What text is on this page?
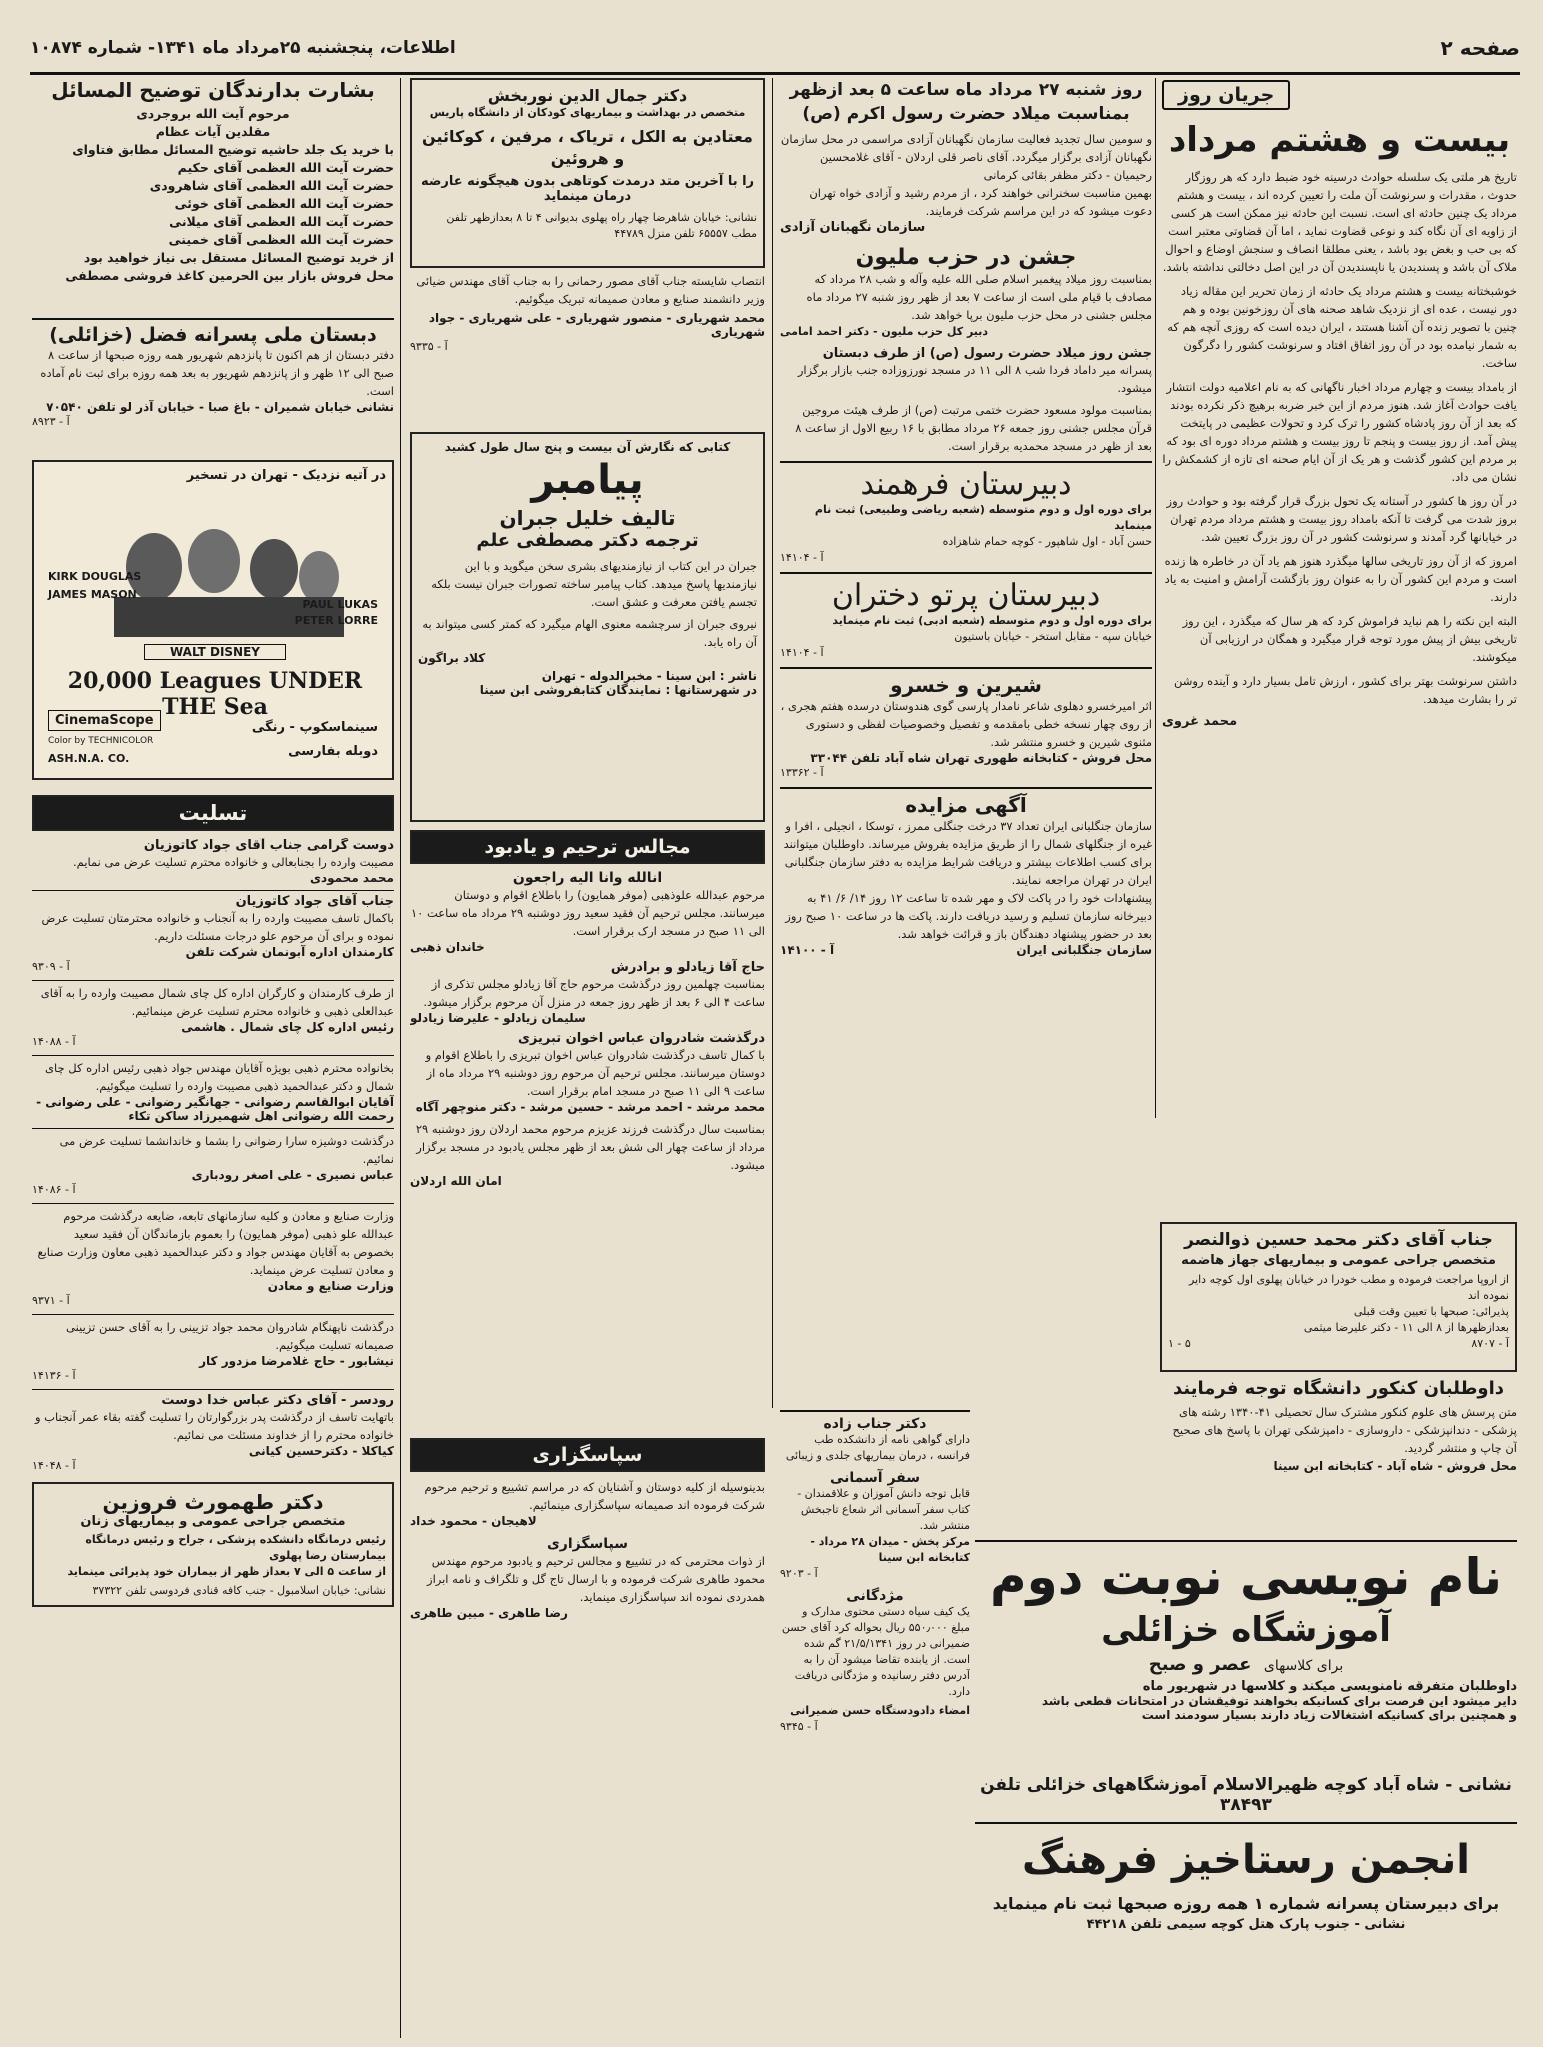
اطلاعات، پنجشنبه ۲۵مرداد ماه ۱۳۴۱- شماره ۱۰۸۷۴	صفحه ۲
جریان روز
بیست و هشتم مرداد

تاریخ هر ملتی یک سلسله حوادث درسینه خود ضبط دارد که هر روزگار حدوث ، مقدرات و سرنوشت آن ملت را تعیین کرده اند ، بیست و هشتم مرداد یک چنین حادثه ای است. نسبت این حادثه نیز ممکن است هر کسی از زاویه ای آن نگاه کند و نوعی قضاوت نماید ، اما آن قضاوتی معتبر است که بی حب و بغض بود باشد ، یعنی مطلقا انصاف و سنجش اوضاع و احوال ملاک آن باشد و پسندیدن یا ناپسندیدن آن در این اصل دخالتی نداشته باشد.

خوشبختانه بیست و هشتم مرداد یک حادثه از زمان تحریر این مقاله زیاد دور نیست ، عده ای از نزدیک شاهد صحنه های آن روزخونین بوده و هم چنین با تصویر زنده آن آشنا هستند ، ایران دیده است که روزی آنچه هم که به شمار نیامده بود در آن روز اتفاق افتاد و سرنوشت کشور را دگرگون ساخت.

از بامداد بیست و چهارم مرداد اخبار ناگهانی که به نام اعلامیه دولت انتشار یافت حوادث آغاز شد. هنوز مردم از این خبر ضربه برهیچ ذکر نکرده بودند که بعد از آن روز پادشاه کشور را ترک کرد و تحولات عظیمی در پایتخت پیش آمد. از روز بیست و پنجم تا روز بیست و هشتم مرداد دوره ای بود که بر مردم این کشور گذشت و هر یک از آن ایام صحنه ای تازه از کشمکش را نشان می داد.

در آن روز ها کشور در آستانه یک تحول بزرگ قرار گرفته بود و حوادث روز بروز شدت می گرفت تا آنکه بامداد روز بیست و هشتم مرداد مردم تهران در خیابانها گرد آمدند و سرنوشت کشور در آن روز بزرگ تعیین شد.

امروز که از آن روز تاریخی سالها میگذرد هنوز هم یاد آن در خاطره ها زنده است و مردم این کشور آن را به عنوان روز بازگشت آرامش و امنیت به یاد دارند.

البته این نکته را هم نباید فراموش کرد که هر سال که میگذرد ، این روز تاریخی بیش از پیش مورد توجه قرار میگیرد و همگان در ارزیابی آن میکوشند.

داشتن سرنوشت بهتر برای کشور ، ارزش تامل بسیار دارد و آینده روشن تر را بشارت میدهد.

محمد غروی
جناب آقای دکتر محمد حسین ذوالنصر
متخصص جراحی عمومی و بیماریهای جهاز هاضمه
از اروپا مراجعت فرموده و مطب خودرا در خیابان پهلوی اول کوچه دایر نموده اند
پذیرائی: صبحها با تعیین وقت قبلی
بعدازظهرها از ۸ الی ۱۱ - دکتر علیرضا میثمی
آ - ۸۷۰۷
۵ - ۱
داوطلبان کنکور دانشگاه توجه فرمایند

متن پرسش های علوم کنکور مشترک سال تحصیلی ۴۱-۱۳۴۰ رشته های پزشکی - دندانپزشکی - داروسازی - دامپزشکی تهران با پاسخ های صحیح آن چاپ و منتشر گردید.

محل فروش - شاه آباد - کتابخانه ابن سینا
روز شنبه ۲۷ مرداد ماه ساعت ۵ بعد ازظهر بمناسبت میلاد حضرت رسول اکرم (ص)

و سومین سال تجدید فعالیت سازمان نگهبانان آزادی مراسمی در محل سازمان نگهبانان آزادی برگزار میگردد. آقای ناصر قلی اردلان - آقای غلامحسین رحیمیان - دکتر مظفر بقائی کرمانی

بهمین مناسبت سخنرانی خواهند کرد ، از مردم رشید و آزادی خواه تهران دعوت میشود که در این مراسم شرکت فرمایند.

سازمان نگهبانان آزادی
جشن در حزب ملیون

بمناسبت روز میلاد پیغمبر اسلام صلی الله علیه وآله و شب ۲۸ مرداد که مصادف با قیام ملی است از ساعت ۷ بعد از ظهر روز شنبه ۲۷ مرداد ماه مجلس جشنی در محل حزب ملیون برپا خواهد شد.

دبیر کل حزب ملیون - دکتر احمد امامی
جشن روز میلاد حضرت رسول (ص) از طرف دبستان

پسرانه میر داماد فردا شب ۸ الی ۱۱ در مسجد نورزوزاده جنب بازار برگزار میشود.

بمناسبت مولود مسعود حضرت ختمی مرتبت (ص) از طرف هیئت مروجین قرآن مجلس جشنی روز جمعه ۲۶ مرداد مطابق با ۱۶ ربیع الاول از ساعت ۸ بعد از ظهر در مسجد محمدیه برقرار است.

دبیرستان فرهمند
برای دوره اول و دوم متوسطه (شعبه ریاضی وطبیعی) ثبت نام مینماید
حسن آباد - اول شاهپور - کوچه حمام شاهزاده
آ - ۱۴۱۰۴
دبیرستان پرتو دختران
برای دوره اول و دوم متوسطه (شعبه ادبی) ثبت نام مینماید
خیابان سپه - مقابل استخر - خیابان باستیون
آ - ۱۴۱۰۴
شیرین و خسرو

اثر امیرخسرو دهلوی شاعر نامدار پارسی گوی هندوستان درسده هفتم هجری ، از روی چهار نسخه خطی بامقدمه و تفصیل وخصوصیات لفظی و دستوری مثنوی شیرین و خسرو منتشر شد.

محل فروش - کتابخانه طهوری تهران شاه آباد تلفن ۳۳۰۴۴
آ - ۱۳۳۶۲
آگهی مزایده

سازمان جنگلبانی ایران تعداد ۳۷ درخت جنگلی ممرز ، توسکا ، انجیلی ، افرا و غیره از جنگلهای شمال را از طریق مزایده بفروش میرساند. داوطلبان میتوانند برای کسب اطلاعات بیشتر و دریافت شرایط مزایده به دفتر سازمان جنگلبانی ایران در تهران مراجعه نمایند.

پیشنهادات خود را در پاکت لاک و مهر شده تا ساعت ۱۲ روز ۱۴/ ۶/ ۴۱ به دبیرخانه سازمان تسلیم و رسید دریافت دارند. پاکت ها در ساعت ۱۰ صبح روز بعد در حضور پیشنهاد دهندگان باز و قرائت خواهد شد.

سازمان جنگلبانی ایران
آ - ۱۴۱۰۰
دکتر جناب زاده
دارای گواهی نامه از دانشکده طب فرانسه ، درمان بیماریهای جلدی و زیبائی
سفر آسمانی
قابل توجه دانش آموزان و علاقمندان - کتاب سفر آسمانی اثر شعاع تاجبخش منتشر شد.
مرکز پخش - میدان ۲۸ مرداد - کتابخانه ابن سینا
آ - ۹۲۰۳
مژدگانی
یک کیف سیاه دستی محتوی مدارک و مبلغ ۵۵۰٫۰۰۰ ریال بحواله کرد آقای حسن ضمیرانی در روز ۲۱/۵/۱۳۴۱ گم شده است. از یابنده تقاضا میشود آن را به آدرس دفتر رسانیده و مژدگانی دریافت دارد.
امضاء دادودستگاه حسن ضمیرانی
آ - ۹۳۴۵
نام نویسی نوبت دوم
آموزشگاه خزائلی
برای کلاسهای عصر و صبح
داوطلبان متفرقه نامنویسی میکند و کلاسها در شهریور ماه
دایر میشود این فرصت برای کسانیکه بخواهند توفیقشان در امتحانات قطعی باشد
و همچنین برای کسانیکه اشتغالات زیاد دارند بسیار سودمند است
نشانی - شاه آباد کوچه ظهیرالاسلام آموزشگاههای خزائلی تلفن ۳۸۴۹۳
انجمن رستاخیز فرهنگ
برای دبیرستان پسرانه شماره ۱ همه روزه صبحها ثبت نام مینماید
نشانی - جنوب پارک هتل کوچه سیمی تلفن ۴۴۲۱۸
دکتر جمال الدین نوربخش
متخصص در بهداشت و بیماریهای کودکان از دانشگاه پاریس
معتادین به الکل ، تریاک ، مرفین ، کوکائین و هروئین
را با آخرین متد درمدت کوتاهی بدون هیچگونه عارضه درمان مینماید
نشانی: خیابان شاهرضا چهار راه پهلوی بدیوانی ۴ تا ۸ بعدازظهر تلفن مطب ۶۵۵۵۷ تلفن منزل ۴۴۷۸۹

انتصاب شایسته جناب آقای مصور رحمانی را به جناب آقای مهندس ضیائی وزیر دانشمند صنایع و معادن صمیمانه تبریک میگوئیم.

محمد شهریاری - منصور شهریاری - علی شهریاری - جواد شهریاری
آ - ۹۳۳۵
کتابی که نگارش آن بیست و پنج سال طول کشید
پیامبر
تالیف خلیل جبران
ترجمه دکتر مصطفی علم

جبران در این کتاب از نیازمندیهای بشری سخن میگوید و با این نیازمندیها پاسخ میدهد. کتاب پیامبر ساخته تصورات جبران نیست بلکه تجسم یافتن معرفت و عشق است.

نیروی جبران از سرچشمه معنوی الهام میگیرد که کمتر کسی میتواند به آن راه یابد.

کلاد براگون
ناشر : ابن سینا - مخبرالدوله - تهران
در شهرستانها : نمایندگان کتابفروشی ابن سینا
مجالس ترحیم و یادبود
انالله وانا الیه راجعون

مرحوم عبدالله علوذهبی (موفر همایون) را باطلاع اقوام و دوستان میرسانند. مجلس ترحیم آن فقید سعید روز دوشنبه ۲۹ مرداد ماه ساعت ۱۰ الی ۱۱ صبح در مسجد ارک برقرار است.

خاندان ذهبی
حاج آقا زیادلو و برادرش

بمناسبت چهلمین روز درگذشت مرحوم حاج آقا زیادلو مجلس تذکری از ساعت ۴ الی ۶ بعد از ظهر روز جمعه در منزل آن مرحوم برگزار میشود.

سلیمان زیادلو - علیرضا زیادلو
درگذشت شادروان عباس اخوان تبریزی

با کمال تاسف درگذشت شادروان عباس اخوان تبریزی را باطلاع اقوام و دوستان میرسانند. مجلس ترحیم آن مرحوم روز دوشنبه ۲۹ مرداد ماه از ساعت ۹ الی ۱۱ صبح در مسجد امام برقرار است.

محمد مرشد - احمد مرشد - حسین مرشد - دکتر منوچهر آگاه

بمناسبت سال درگذشت فرزند عزیزم مرحوم محمد اردلان روز دوشنبه ۲۹ مرداد از ساعت چهار الی شش بعد از ظهر مجلس یادبود در مسجد برگزار میشود.

امان الله اردلان
سپاسگزاری

بدینوسیله از کلیه دوستان و آشنایان که در مراسم تشییع و ترحیم مرحوم شرکت فرموده اند صمیمانه سپاسگزاری مینمائیم.

لاهیجان - محمود خداد
سپاسگزاری

از ذوات محترمی که در تشییع و مجالس ترحیم و یادبود مرحوم مهندس محمود طاهری شرکت فرموده و با ارسال تاج گل و تلگراف و نامه ابراز همدردی نموده اند سپاسگزاری مینماید.

رضا طاهری - مبین طاهری
بشارت بدارندگان توضیح المسائل
مرحوم آیت الله بروجردی
مقلدین آیات عظام
با خرید یک جلد حاشیه توضیح المسائل مطابق فتاوای
حضرت آیت الله العظمی آقای حکیم
حضرت آیت الله العظمی آقای شاهرودی
حضرت آیت الله العظمی آقای خوئی
حضرت آیت الله العظمی آقای میلانی
حضرت آیت الله العظمی آقای خمینی
از خرید توضیح المسائل مستقل بی نیاز خواهید بود
محل فروش بازار بین الحرمین کاغذ فروشی مصطفی
دبستان ملی پسرانه فضل (خزائلی)

دفتر دبستان از هم اکنون تا پانزدهم شهریور همه روزه صبحها از ساعت ۸ صبح الی ۱۲ ظهر و از پانزدهم شهریور به بعد همه روزه برای ثبت نام آماده است.

نشانی خیابان شمیران - باغ صبا - خیابان آذر لو تلفن ۷۰۵۴۰
آ - ۸۹۲۳
در آتیه نزدیک - تهران در تسخیر
KIRK DOUGLAS
JAMES MASON
PAUL LUKAS
PETER LORRE
WALT DISNEY
20,000 Leagues UNDER THE Sea
CinemaScope
Color by TECHNICOLOR
ASH.N.A. CO.
سینماسکوپ - رنگی
دوبله بفارسی
تسلیت
دوست گرامی جناب آقای جواد کاتوزیان

مصیبت وارده را بجنابعالی و خانواده محترم تسلیت عرض می نمایم.

محمد محمودی
جناب آقای جواد کاتوزیان

باکمال تاسف مصیبت وارده را به آنجناب و خانواده محترمتان تسلیت عرض نموده و برای آن مرحوم علو درجات مسئلت داریم.

کارمندان اداره آبونمان شرکت تلفن
آ - ۹۳۰۹

از طرف کارمندان و کارگران اداره کل چای شمال مصیبت وارده را به آقای عبدالعلی ذهبی و خانواده محترم تسلیت عرض مینمائیم.

رئیس اداره کل چای شمال . هاشمی
آ - ۱۴۰۸۸

بخانواده محترم ذهبی بویژه آقایان مهندس جواد ذهبی رئیس اداره کل چای شمال و دکتر عبدالحمید ذهبی مصیبت وارده را تسلیت میگوئیم.

آقایان ابوالقاسم رضوانی - جهانگیر رضوانی - علی رضوانی - رحمت الله رضوانی اهل شهمیرزاد ساکن تکاء

درگذشت دوشیزه سارا رضوانی را بشما و خاندانشما تسلیت عرض می نمائیم.

عباس نصیری - علی اصغر رودباری
آ - ۱۴۰۸۶

وزارت صنایع و معادن و کلیه سازمانهای تابعه، ضایعه درگذشت مرحوم عبدالله علو ذهبی (موفر همایون) را بعموم بازماندگان آن فقید سعید بخصوص به آقایان مهندس جواد و دکتر عبدالحمید ذهبی معاون وزارت صنایع و معادن تسلیت عرض مینماید.

وزارت صنایع و معادن
آ - ۹۳۷۱

درگذشت ناپهنگام شادروان محمد جواد تزیینی را به آقای حسن تزیینی صمیمانه تسلیت میگوئیم.

نیشابور - حاج غلامرضا مزدور کار
آ - ۱۴۱۳۶
رودسر - آقای دکتر عباس خدا دوست

باتهایت تاسف از درگذشت پدر بزرگوارتان را تسلیت گفته بقاء عمر آنجناب و خانواده محترم را از خداوند مسئلت می نمائیم.

کیاکلا - دکترحسین کیانی
آ - ۱۴۰۴۸
دکتر طهمورث فروزین
متخصص جراحی عمومی و بیماریهای زنان
رئیس درمانگاه دانشکده پزشکی ، جراح و رئیس درمانگاه بیمارستان رضا پهلوی
از ساعت ۵ الی ۷ بعداز ظهر از بیماران خود پذیرائی مینماید
نشانی: خیابان اسلامبول - جنب کافه قنادی فردوسی تلفن ۳۷۳۲۲
